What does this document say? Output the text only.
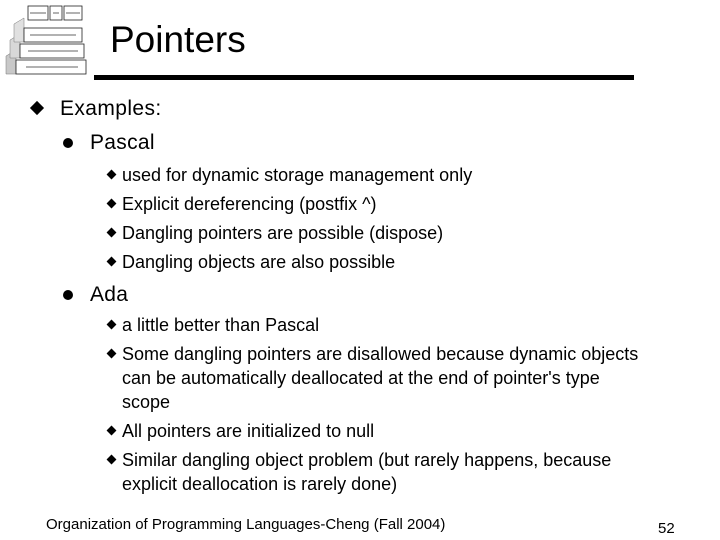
Pointers
Examples:
Pascal
used for dynamic storage management only
Explicit dereferencing (postfix ^)
Dangling pointers are possible (dispose)
Dangling objects are also possible
Ada
a little better than Pascal
Some dangling pointers are disallowed because dynamic objects
can be automatically deallocated at the end of pointer's type
scope
All pointers are initialized to null
Similar dangling object problem (but rarely happens, because
explicit deallocation is rarely done)
Organization of Programming Languages-Cheng (Fall 2004)	52
